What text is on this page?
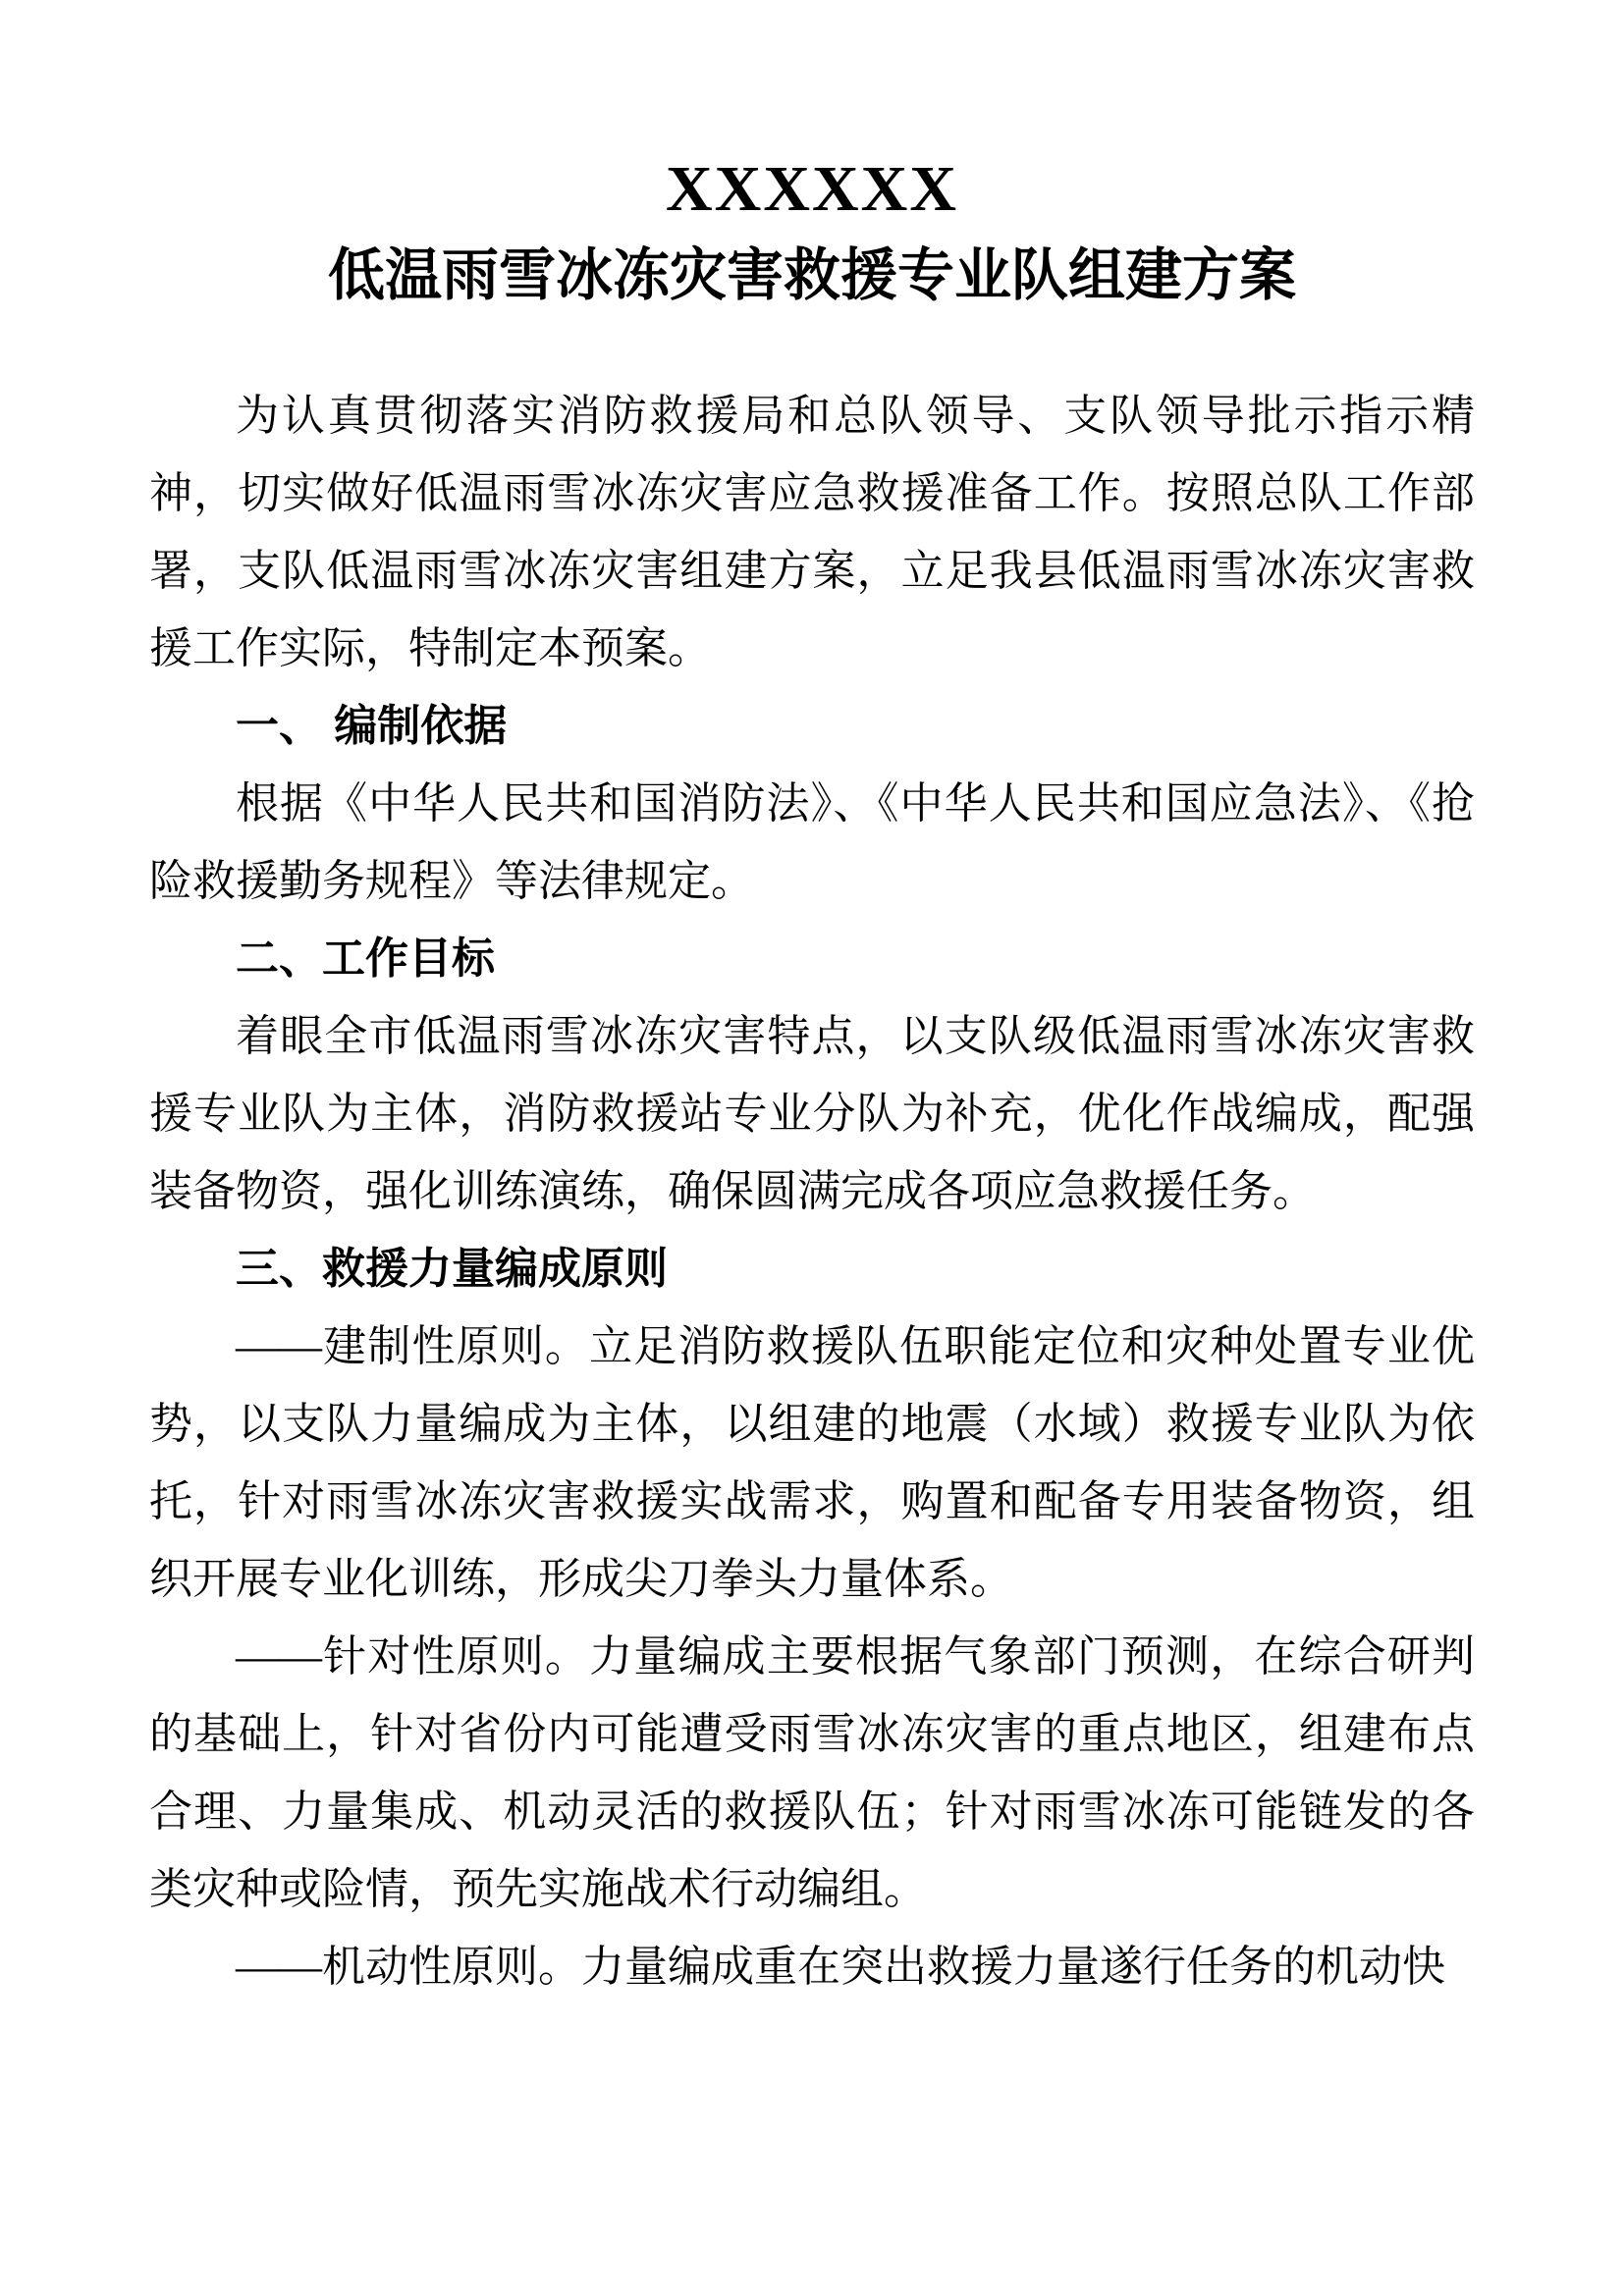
XXXXXX
低温雨雪冰冻灾害救援专业队组建方案

为认真贯彻落实消防救援局和总队领导、支队领导批示指示精神，切实做好低温雨雪冰冻灾害应急救援准备工作。按照总队工作部署，支队低温雨雪冰冻灾害组建方案，立足我县低温雨雪冰冻灾害救援工作实际，特制定本预案。

一、 编制依据

根据《中华人民共和国消防法》、《中华人民共和国应急法》、《抢险救援勤务规程》等法律规定。

二、工作目标

着眼全市低温雨雪冰冻灾害特点，以支队级低温雨雪冰冻灾害救援专业队为主体，消防救援站专业分队为补充，优化作战编成，配强装备物资，强化训练演练，确保圆满完成各项应急救援任务。

三、救援力量编成原则

——建制性原则。立足消防救援队伍职能定位和灾种处置专业优势，以支队力量编成为主体，以组建的地震（水域）救援专业队为依托，针对雨雪冰冻灾害救援实战需求，购置和配备专用装备物资，组织开展专业化训练，形成尖刀拳头力量体系。

——针对性原则。力量编成主要根据气象部门预测，在综合研判的基础上，针对省份内可能遭受雨雪冰冻灾害的重点地区，组建布点合理、力量集成、机动灵活的救援队伍；针对雨雪冰冻可能链发的各类灾种或险情，预先实施战术行动编组。

——机动性原则。力量编成重在突出救援力量遂行任务的机动快
